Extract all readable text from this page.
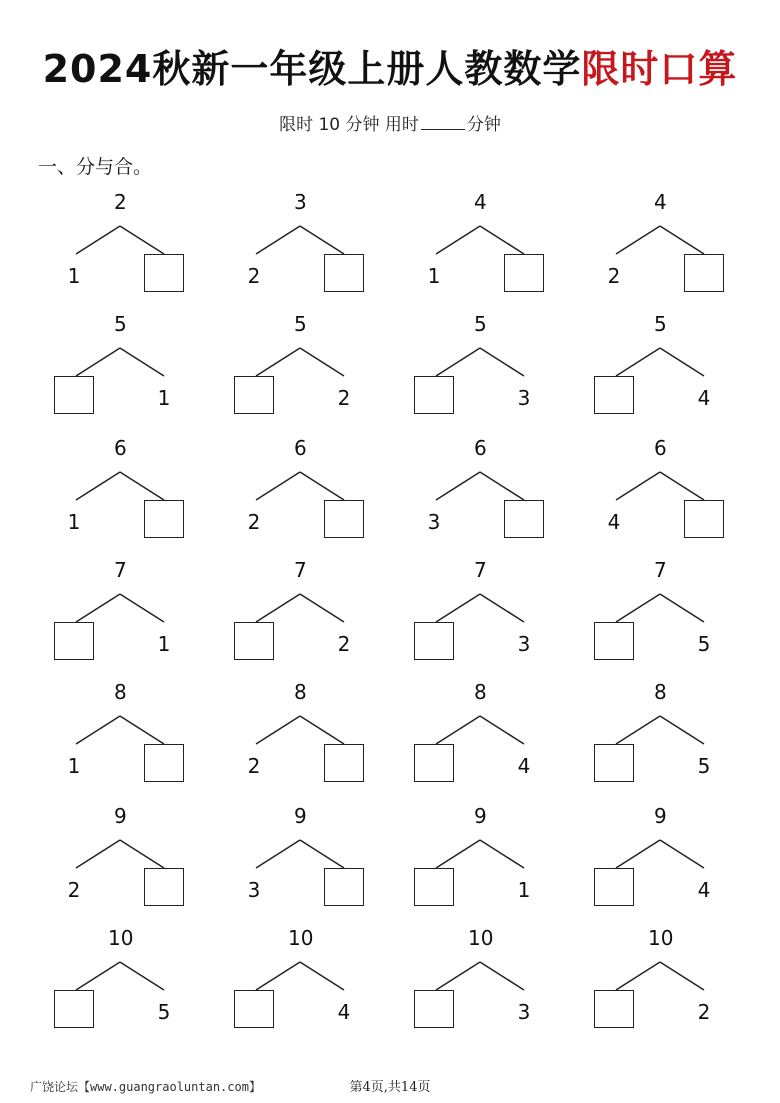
2024秋新一年级上册人教数学限时口算
限时 10 分钟 用时	分钟
一、分与合。
2
1
3
2
4
1
4
2
5
1
5
2
5
3
5
4
6
1
6
2
6
3
6
4
7
1
7
2
7
3
7
5
8
1
8
2
8
4
8
5
9
2
9
3
9
1
9
4
10
5
10
4
10
3
10
2
广饶论坛【www.guangraoluntan.com】	第4页,共14页
